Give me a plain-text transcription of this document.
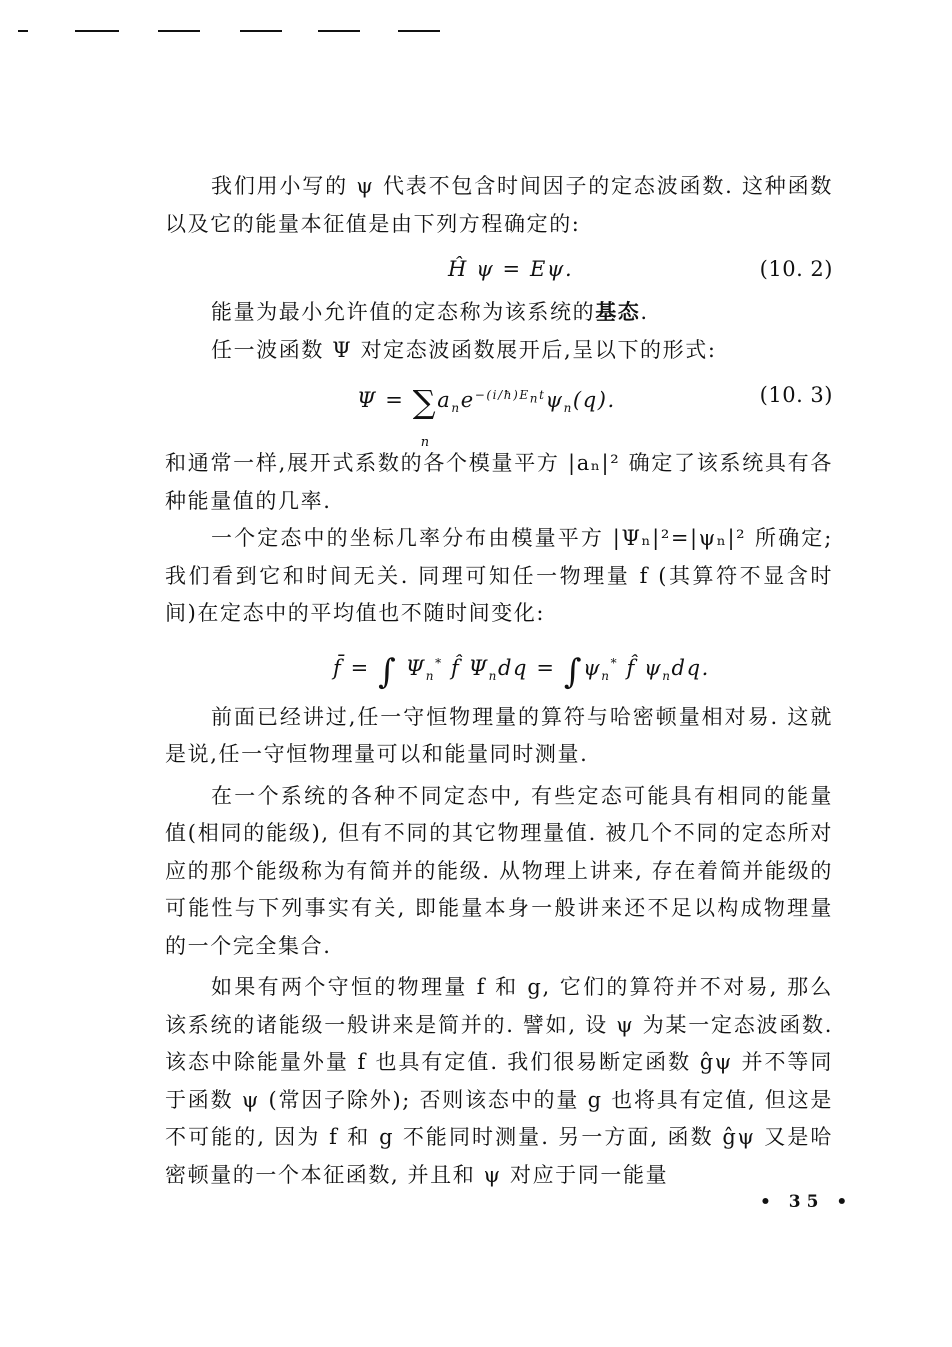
我们用小写的 ψ 代表不包含时间因子的定态波函数. 这种函数以及它的能量本征值是由下列方程确定的:

Ĥ ψ = Eψ.	(10. 2)

能量为最小允许值的定态称为该系统的基态.

任一波函数 Ψ 对定态波函数展开后,呈以下的形式:

Ψ = ∑
n
$a_ne^{-(i/ħ)E_nt}\psi_n(q)$.	(10. 3)

和通常一样,展开式系数的各个模量平方 |aₙ|² 确定了该系统具有各种能量值的几率.

一个定态中的坐标几率分布由模量平方 |Ψₙ|²=|ψₙ|² 所确定;我们看到它和时间无关. 同理可知任一物理量 f (其算符不显含时间)在定态中的平均值也不随时间变化:

f̄ = ∫ $\Psi_n^*$ f̂ $\Psi_ndq = \int\psi_n^*$ f̂ $\psi_ndq$.

前面已经讲过,任一守恒物理量的算符与哈密顿量相对易. 这就是说,任一守恒物理量可以和能量同时测量.

在一个系统的各种不同定态中, 有些定态可能具有相同的能量值(相同的能级), 但有不同的其它物理量值. 被几个不同的定态所对应的那个能级称为有简并的能级. 从物理上讲来, 存在着简并能级的可能性与下列事实有关, 即能量本身一般讲来还不足以构成物理量的一个完全集合.

如果有两个守恒的物理量 f 和 g, 它们的算符并不对易, 那么该系统的诸能级一般讲来是简并的. 譬如, 设 ψ 为某一定态波函数. 该态中除能量外量 f 也具有定值. 我们很易断定函数 ĝψ 并不等同于函数 ψ (常因子除外); 否则该态中的量 g 也将具有定值, 但这是不可能的, 因为 f 和 g 不能同时测量. 另一方面, 函数 ĝψ 又是哈密顿量的一个本征函数, 并且和 ψ 对应于同一能量

• 35 •
